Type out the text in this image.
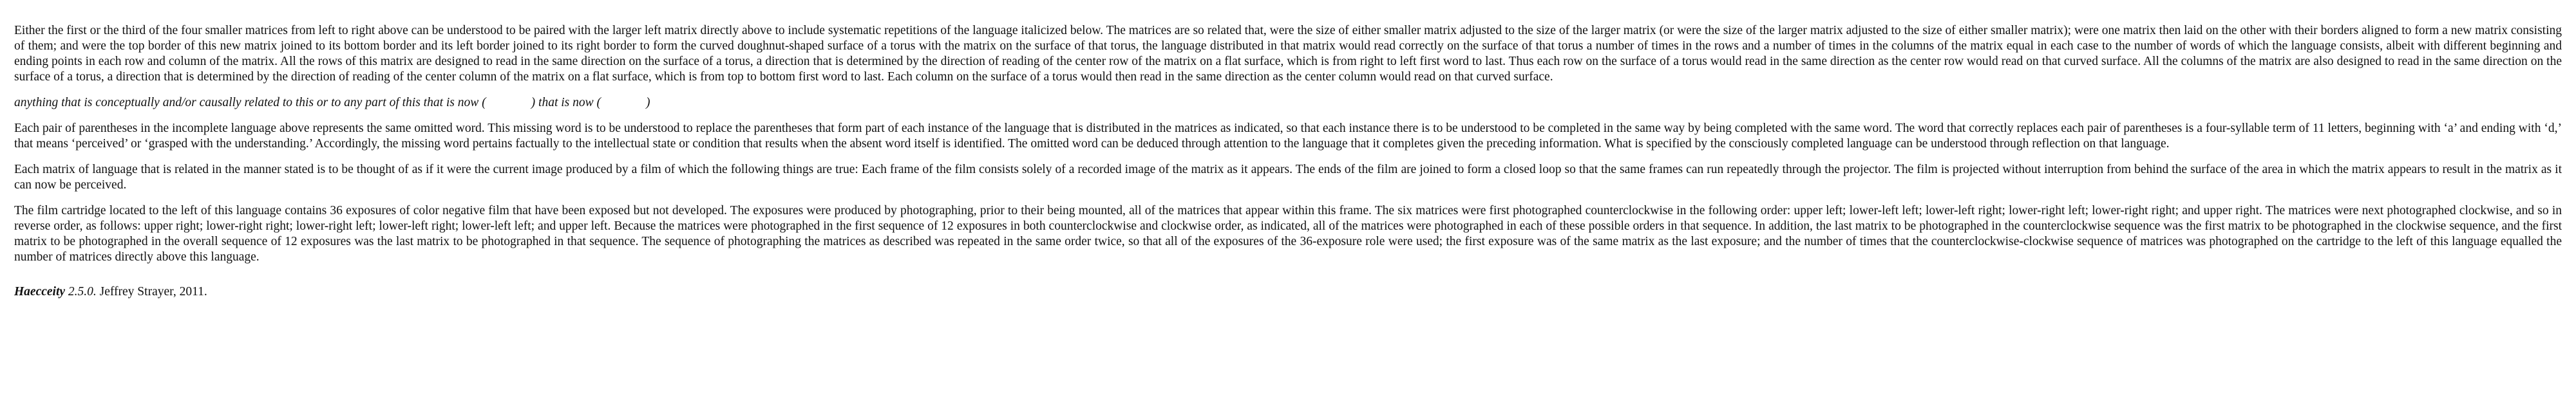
Either the first or the third of the four smaller matrices from left to right above can be understood to be paired with the larger left matrix directly above to include systematic repetitions of the language italicized below. The matrices are so related that, were the size of either smaller matrix adjusted to the size of the larger matrix (or were the size of the larger matrix adjusted to the size of either smaller matrix); were one matrix then laid on the other with their borders aligned to form a new matrix consisting of them; and were the top border of this new matrix joined to its bottom border and its left border joined to its right border to form the curved doughnut-shaped surface of a torus with the matrix on the surface of that torus, the language distributed in that matrix would read correctly on the surface of that torus a number of times in the rows and a number of times in the columns of the matrix equal in each case to the number of words of which the language consists, albeit with different beginning and ending points in each row and column of the matrix. All the rows of this matrix are designed to read in the same direction on the surface of a torus, a direction that is determined by the direction of reading of the center row of the matrix on a flat surface, which is from right to left first word to last. Thus each row on the surface of a torus would read in the same direction as the center row would read on that curved surface. All the columns of the matrix are also designed to read in the same direction on the surface of a torus, a direction that is determined by the direction of reading of the center column of the matrix on a flat surface, which is from top to bottom first word to last. Each column on the surface of a torus would then read in the same direction as the center column would read on that curved surface.

anything that is conceptually and/or causally related to this or to any part of this that is now (	) that is now (	)

Each pair of parentheses in the incomplete language above represents the same omitted word. This missing word is to be understood to replace the parentheses that form part of each instance of the language that is distributed in the matrices as indicated, so that each instance there is to be understood to be completed in the same way by being completed with the same word. The word that correctly replaces each pair of parentheses is a four-syllable term of 11 letters, beginning with ‘a’ and ending with ‘d,’ that means ‘perceived’ or ‘grasped with the understanding.’ Accordingly, the missing word pertains factually to the intellectual state or condition that results when the absent word itself is identified. The omitted word can be deduced through attention to the language that it completes given the preceding information. What is specified by the consciously completed language can be understood through reflection on that language.

Each matrix of language that is related in the manner stated is to be thought of as if it were the current image produced by a film of which the following things are true: Each frame of the film consists solely of a recorded image of the matrix as it appears. The ends of the film are joined to form a closed loop so that the same frames can run repeatedly through the projector. The film is projected without interruption from behind the surface of the area in which the matrix appears to result in the matrix as it can now be perceived.

The film cartridge located to the left of this language contains 36 exposures of color negative film that have been exposed but not developed. The exposures were produced by photographing, prior to their being mounted, all of the matrices that appear within this frame. The six matrices were first photographed counterclockwise in the following order: upper left; lower-left left; lower-left right; lower-right left; lower-right right; and upper right. The matrices were next photographed clockwise, and so in reverse order, as follows: upper right; lower-right right; lower-right left; lower-left right; lower-left left; and upper left. Because the matrices were photographed in the first sequence of 12 exposures in both counterclockwise and clockwise order, as indicated, all of the matrices were photographed in each of these possible orders in that sequence. In addition, the last matrix to be photographed in the counterclockwise sequence was the first matrix to be photographed in the clockwise sequence, and the first matrix to be photographed in the overall sequence of 12 exposures was the last matrix to be photographed in that sequence. The sequence of photographing the matrices as described was repeated in the same order twice, so that all of the exposures of the 36-exposure role were used; the first exposure was of the same matrix as the last exposure; and the number of times that the counterclockwise-clockwise sequence of matrices was photographed on the cartridge to the left of this language equalled the number of matrices directly above this language.

Haecceity 2.5.0. Jeffrey Strayer, 2011.
